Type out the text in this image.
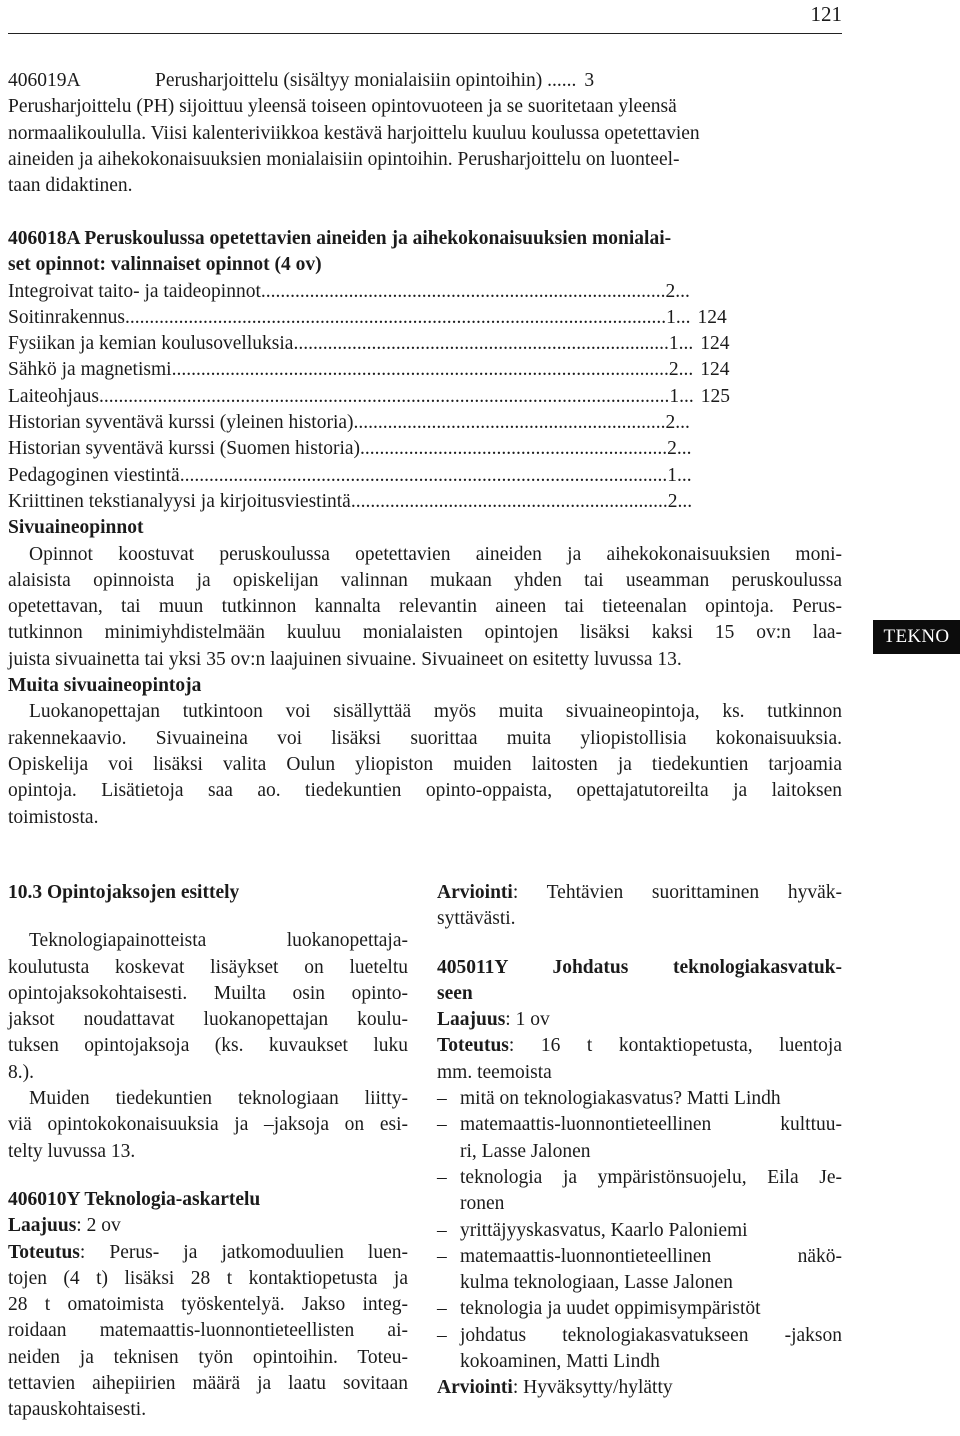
121
406019A	Perusharjoittelu (sisältyy monialaisiin opintoihin) ...... 3
Perusharjoittelu (PH) sijoittuu yleensä toiseen opintovuoteen ja se suoritetaan yleensä
normaalikoululla. Viisi kalenteriviikkoa kestävä harjoittelu kuuluu koulussa opetettavien
aineiden ja aihekokonaisuuksien monialaisiin opintoihin. Perusharjoittelu on luonteel-
taan didaktinen.
406018A Peruskoulussa opetettavien aineiden ja aihekokonaisuuksien monialai-
set opinnot: valinnaiset opinnot (4 ov)
Integroivat taito- ja taideopinnot ................................................................................... 2 ...
Soitinrakennus ............................................................................................................... 1 ... 124
Fysiikan ja kemian koulusovelluksia ............................................................................. 1 ... 124
Sähkö ja magnetismi ...................................................................................................... 2 ... 124
Laiteohjaus ..................................................................................................................... 1 ... 125
Historian syventävä kurssi (yleinen historia) ................................................................ 2 ...
Historian syventävä kurssi (Suomen historia) ............................................................... 2 ...
Pedagoginen viestintä .................................................................................................... 1 ...
Kriittinen tekstianalyysi ja kirjoitusviestintä ................................................................. 2 ...
Sivuaineopinnot
Opinnot koostuvat peruskoulussa opetettavien aineiden ja aihekokonaisuuksien moni-
alaisista opinnoista ja opiskelijan valinnan mukaan yhden tai useamman peruskoulussa
opetettavan, tai muun tutkinnon kannalta relevantin aineen tai tieteenalan opintoja. Perus-
tutkinnon minimiyhdistelmään kuuluu monialaisten opintojen lisäksi kaksi 15 ov:n laa-
juista sivuainetta tai yksi 35 ov:n laajuinen sivuaine. Sivuaineet on esitetty luvussa 13.
Muita sivuaineopintoja
Luokanopettajan tutkintoon voi sisällyttää myös muita sivuaineopintoja, ks. tutkinnon
rakennekaavio. Sivuaineina voi lisäksi suorittaa muita yliopistollisia kokonaisuuksia.
Opiskelija voi lisäksi valita Oulun yliopiston muiden laitosten ja tiedekuntien tarjoamia
opintoja. Lisätietoja saa ao. tiedekuntien opinto-oppaista, opettajatutoreilta ja laitoksen
toimistosta.
TEKNO
10.3 Opintojaksojen esittely
Teknologiapainotteista luokanopettaja-
koulutusta koskevat lisäykset on lueteltu
opintojaksokohtaisesti. Muilta osin opinto-
jaksot noudattavat luokanopettajan koulu-
tuksen opintojaksoja (ks. kuvaukset luku
8.).
Muiden tiedekuntien teknologiaan liitty-
viä opintokokonaisuuksia ja –jaksoja on esi-
telty luvussa 13.
406010Y Teknologia-askartelu
Laajuus: 2 ov
Toteutus: Perus- ja jatkomoduulien luen-
tojen (4 t) lisäksi 28 t kontaktiopetusta ja
28 t omatoimista työskentelyä. Jakso integ-
roidaan matemaattis-luonnontieteellisten ai-
neiden ja teknisen työn opintoihin. Toteu-
tettavien aihepiirien määrä ja laatu sovitaan
tapauskohtaisesti.
Arviointi: Tehtävien suorittaminen hyväk-
syttävästi.
405011Y Johdatus teknologiakasvatuk-
seen
Laajuus: 1 ov
Toteutus: 16 t kontaktiopetusta, luentoja
mm. teemoista
– mitä on teknologiakasvatus? Matti Lindh
– matemaattis-luonnontieteellinen kulttuu-
ri, Lasse Jalonen
– teknologia ja ympäristönsuojelu, Eila Je-
ronen
– yrittäjyyskasvatus, Kaarlo Paloniemi
– matemaattis-luonnontieteellinen näkö-
kulma teknologiaan, Lasse Jalonen
– teknologia ja uudet oppimisympäristöt
– johdatus teknologiakasvatukseen -jakson
kokoaminen, Matti Lindh
Arviointi: Hyväksytty/hylätty
